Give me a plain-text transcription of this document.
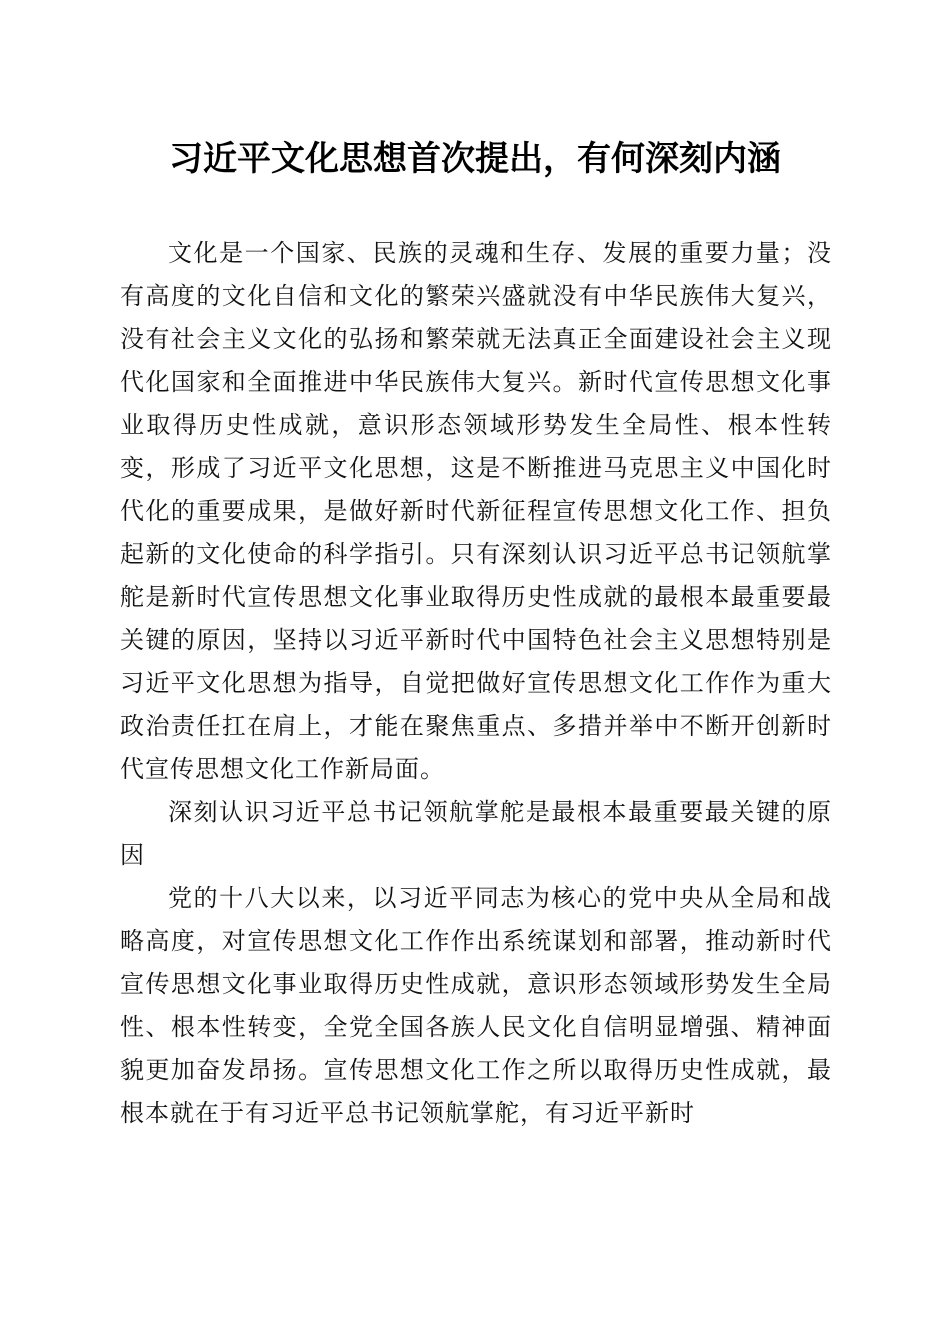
习近平文化思想首次提出，有何深刻内涵

文化是一个国家、民族的灵魂和生存、发展的重要力量；没有高度的文化自信和文化的繁荣兴盛就没有中华民族伟大复兴，没有社会主义文化的弘扬和繁荣就无法真正全面建设社会主义现代化国家和全面推进中华民族伟大复兴。新时代宣传思想文化事业取得历史性成就，意识形态领域形势发生全局性、根本性转变，形成了习近平文化思想，这是不断推进马克思主义中国化时代化的重要成果，是做好新时代新征程宣传思想文化工作、担负起新的文化使命的科学指引。只有深刻认识习近平总书记领航掌舵是新时代宣传思想文化事业取得历史性成就的最根本最重要最关键的原因，坚持以习近平新时代中国特色社会主义思想特别是习近平文化思想为指导，自觉把做好宣传思想文化工作作为重大政治责任扛在肩上，才能在聚焦重点、多措并举中不断开创新时代宣传思想文化工作新局面。

深刻认识习近平总书记领航掌舵是最根本最重要最关键的原因

党的十八大以来，以习近平同志为核心的党中央从全局和战略高度，对宣传思想文化工作作出系统谋划和部署，推动新时代宣传思想文化事业取得历史性成就，意识形态领域形势发生全局性、根本性转变，全党全国各族人民文化自信明显增强、精神面貌更加奋发昂扬。宣传思想文化工作之所以取得历史性成就，最根本就在于有习近平总书记领航掌舵，有习近平新时
